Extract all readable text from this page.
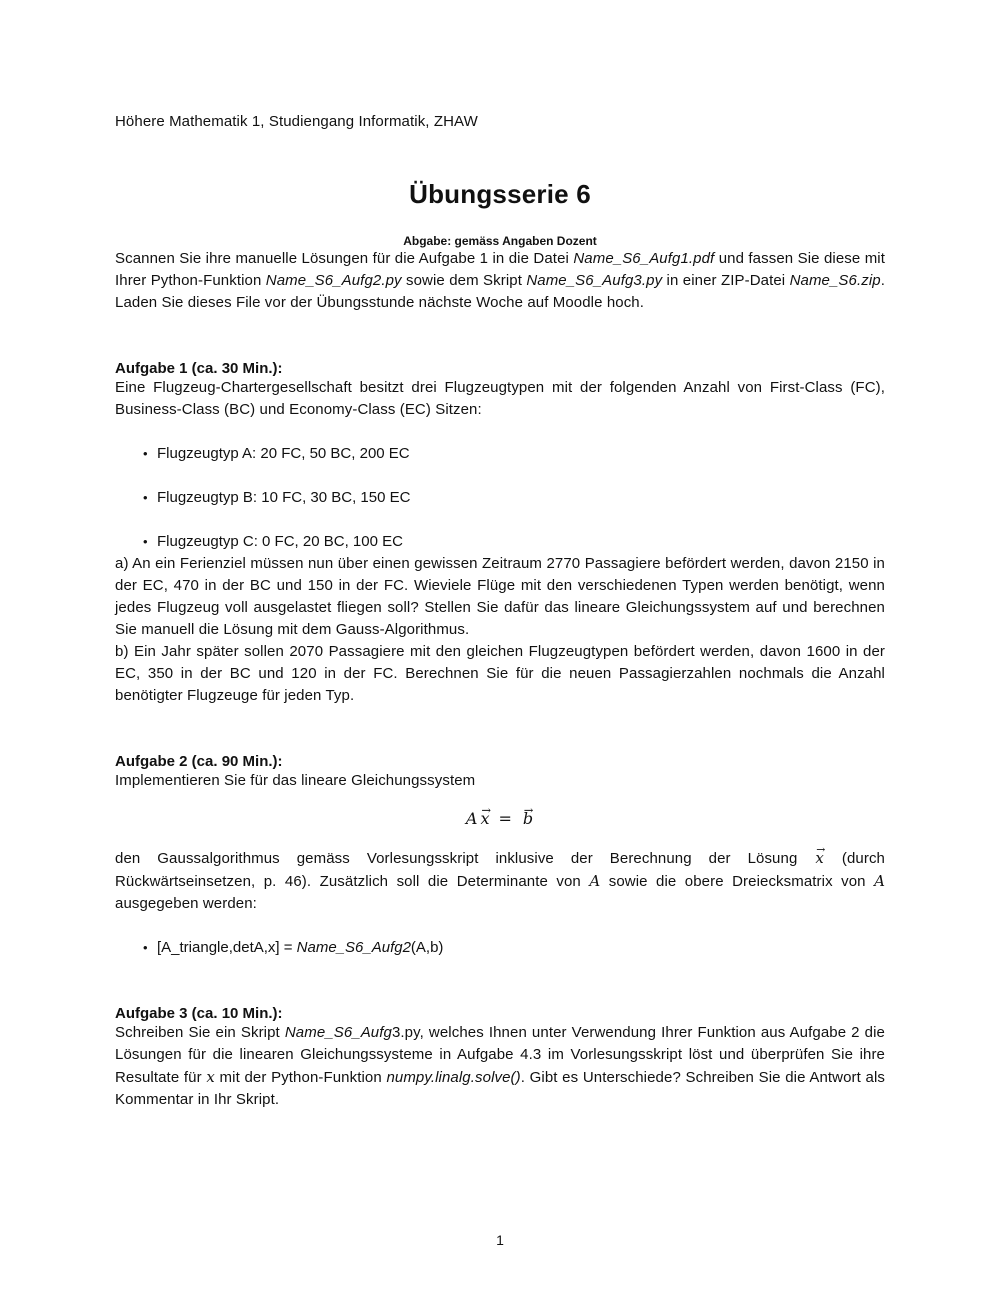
Höhere Mathematik 1, Studiengang Informatik, ZHAW
Übungsserie 6
Abgabe: gemäss Angaben Dozent

Scannen Sie ihre manuelle Lösungen für die Aufgabe 1 in die Datei Name_S6_Aufg1.pdf und fassen Sie diese mit Ihrer Python-Funktion Name_S6_Aufg2.py sowie dem Skript Name_S6_Aufg3.py in einer ZIP-Datei Name_S6.zip. Laden Sie dieses File vor der Übungsstunde nächste Woche auf Moodle hoch.

Aufgabe 1 (ca. 30 Min.):

Eine Flugzeug-Chartergesellschaft besitzt drei Flugzeugtypen mit der folgenden Anzahl von First-Class (FC), Business-Class (BC) und Economy-Class (EC) Sitzen:

• Flugzeugtyp A: 20 FC, 50 BC, 200 EC
• Flugzeugtyp B: 10 FC, 30 BC, 150 EC
• Flugzeugtyp C: 0 FC, 20 BC, 100 EC

a) An ein Ferienziel müssen nun über einen gewissen Zeitraum 2770 Passagiere befördert werden, davon 2150 in der EC, 470 in der BC und 150 in der FC. Wieviele Flüge mit den verschiedenen Typen werden benötigt, wenn jedes Flugzeug voll ausgelastet fliegen soll? Stellen Sie dafür das lineare Gleichungssystem auf und berechnen Sie manuell die Lösung mit dem Gauss-Algorithmus.

b) Ein Jahr später sollen 2070 Passagiere mit den gleichen Flugzeugtypen befördert werden, davon 1600 in der EC, 350 in der BC und 120 in der FC. Berechnen Sie für die neuen Passagierzahlen nochmals die Anzahl benötigter Flugzeuge für jeden Typ.

Aufgabe 2 (ca. 90 Min.):

Implementieren Sie für das lineare Gleichungssystem

A → x = → b

den Gaussalgorithmus gemäss Vorlesungsskript inklusive der Berechnung der Lösung → x (durch Rückwärtseinsetzen, p. 46). Zusätzlich soll die Determinante von A sowie die obere Dreiecksmatrix von A ausgegeben werden:

• [A_triangle,detA,x] = Name_S6_Aufg2(A,b)
Aufgabe 3 (ca. 10 Min.):

Schreiben Sie ein Skript Name_S6_Aufg3.py, welches Ihnen unter Verwendung Ihrer Funktion aus Aufgabe 2 die Lösungen für die linearen Gleichungssysteme in Aufgabe 4.3 im Vorlesungsskript löst und überprüfen Sie ihre Resultate für x mit der Python-Funktion numpy.linalg.solve(). Gibt es Unterschiede? Schreiben Sie die Antwort als Kommentar in Ihr Skript.

1
